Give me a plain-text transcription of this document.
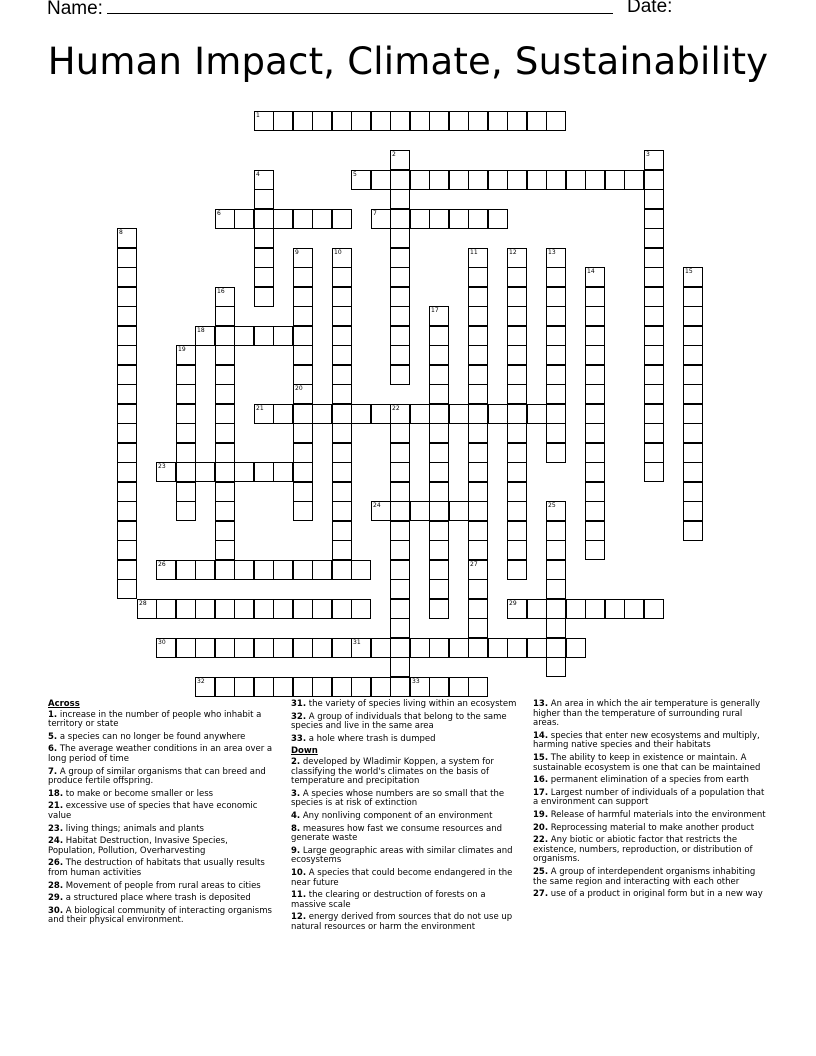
Name:	Date:
Human Impact, Climate, Sustainability
1
5
6	7
18
21	22
23
24
26
28	29
30	31
32	33
2	3
4
8
9	10	11
27
12	13
14	15
16
17
19
20
25
Across
1. increase in the number of people who inhabit a territory or state
5. a species can no longer be found anywhere
6. The average weather conditions in an area over a long period of time
7. A group of similar organisms that can breed and produce fertile offspring.
18. to make or become smaller or less
21. excessive use of species that have economic value
23. living things; animals and plants
24. Habitat Destruction, Invasive Species, Population, Pollution, Overharvesting
26. The destruction of habitats that usually results from human activities
28. Movement of people from rural areas to cities
29. a structured place where trash is deposited
30. A biological community of interacting organisms and their physical environment.
31. the variety of species living within an ecosystem
32. A group of individuals that belong to the same species and live in the same area
33. a hole where trash is dumped
Down
2. developed by Wladimir Koppen, a system for classifying the world's climates on the basis of temperature and precipitation
3. A species whose numbers are so small that the species is at risk of extinction
4. Any nonliving component of an environment
8. measures how fast we consume resources and generate waste
9. Large geographic areas with similar climates and ecosystems
10. A species that could become endangered in the near future
11. the clearing or destruction of forests on a massive scale
12. energy derived from sources that do not use up natural resources or harm the environment
13. An area in which the air temperature is generally higher than the temperature of surrounding rural areas.
14. species that enter new ecosystems and multiply, harming native species and their habitats
15. The ability to keep in existence or maintain. A sustainable ecosystem is one that can be maintained
16. permanent elimination of a species from earth
17. Largest number of individuals of a population that a environment can support
19. Release of harmful materials into the environment
20. Reprocessing material to make another product
22. Any biotic or abiotic factor that restricts the existence, numbers, reproduction, or distribution of organisms.
25. A group of interdependent organisms inhabiting the same region and interacting with each other
27. use of a product in original form but in a new way
